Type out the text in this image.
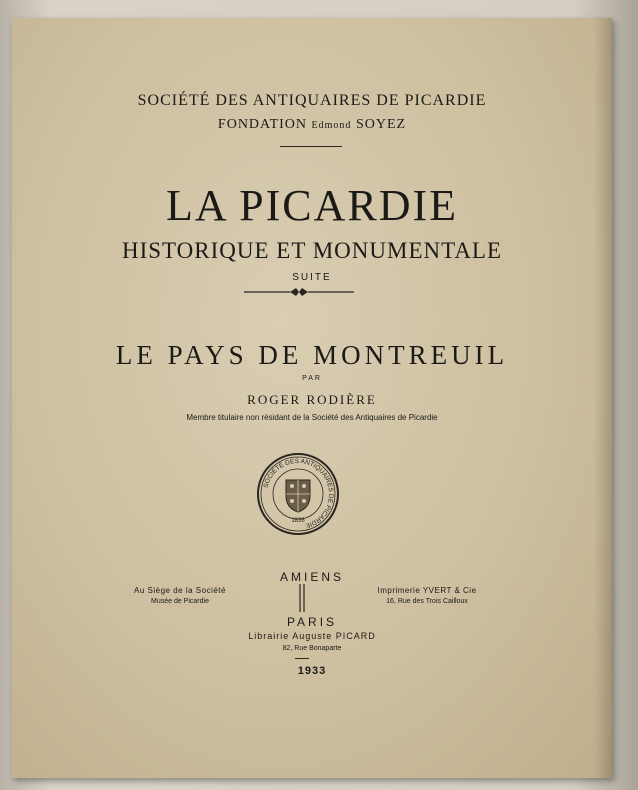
SOCIÉTÉ DES ANTIQUAIRES DE PICARDIE
FONDATION Edmond SOYEZ
LA PICARDIE
HISTORIQUE ET MONUMENTALE
SUITE
LE PAYS DE MONTREUIL
PAR
ROGER RODIÈRE
Membre titulaire non résidant de la Société des Antiquaires de Picardie
SOCIÉTÉ DES ANTIQUAIRES DE PICARDIE
1836
AMIENS
Au Siège de la Société
Musée de Picardie
Imprimerie YVERT & Cie
16, Rue des Trois Cailloux
PARIS
Librairie Auguste PICARD
82, Rue Bonaparte
1933
